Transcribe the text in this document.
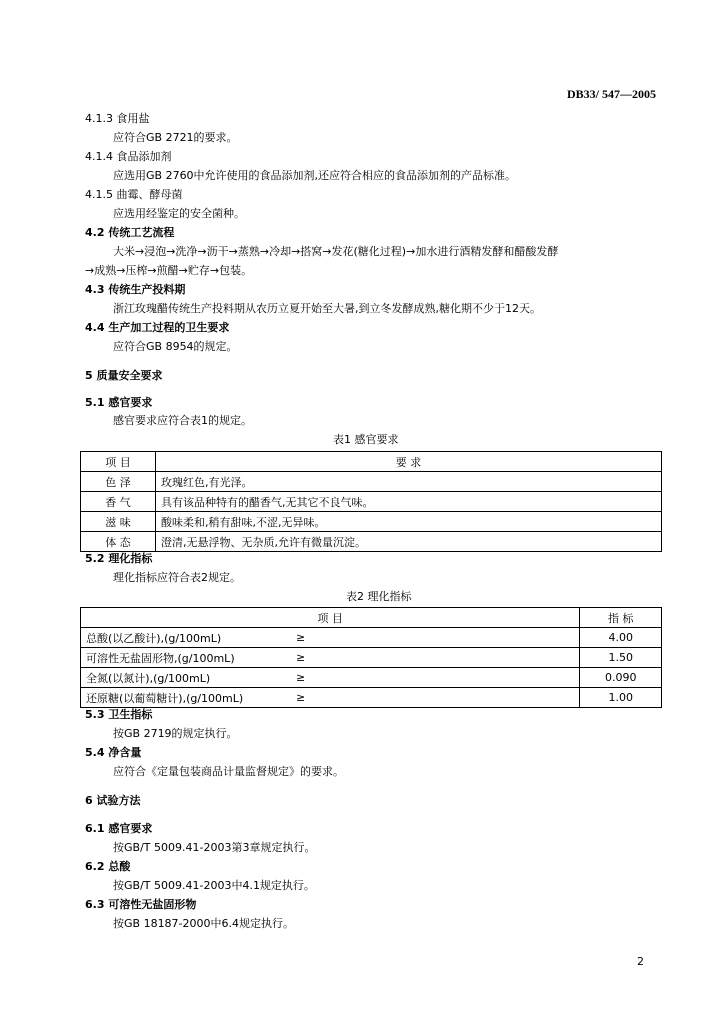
DB33/ 547—2005
4.1.3 食用盐
应符合GB 2721的要求。
4.1.4 食品添加剂
应选用GB 2760中允许使用的食品添加剂,还应符合相应的食品添加剂的产品标准。
4.1.5 曲霉、酵母菌
应选用经鉴定的安全菌种。
4.2 传统工艺流程
大米→浸泡→洗净→沥干→蒸熟→冷却→搭窝→发花(糖化过程)→加水进行酒精发酵和醋酸发酵
→成熟→压榨→煎醋→贮存→包装。
4.3 传统生产投料期
浙江玫瑰醋传统生产投料期从农历立夏开始至大暑,到立冬发酵成熟,糖化期不少于12天。
4.4 生产加工过程的卫生要求
应符合GB 8954的规定。
5 质量安全要求
5.1 感官要求
感官要求应符合表1的规定。
表1 感官要求
项 目	要 求
色 泽	玫瑰红色,有光泽。
香 气	具有该品种特有的醋香气,无其它不良气味。
滋 味	酸味柔和,稍有甜味,不涩,无异味。
体 态	澄清,无悬浮物、无杂质,允许有微量沉淀。
5.2 理化指标
理化指标应符合表2规定。
表2 理化指标
项 目		指 标
总酸(以乙酸计),(g/100mL)	≥	4.00
可溶性无盐固形物,(g/100mL)	≥	1.50
全氮(以氮计),(g/100mL)	≥	0.090
还原糖(以葡萄糖计),(g/100mL)	≥	1.00
5.3 卫生指标
按GB 2719的规定执行。
5.4 净含量
应符合《定量包装商品计量监督规定》的要求。
6 试验方法
6.1 感官要求
按GB/T 5009.41-2003第3章规定执行。
6.2 总酸
按GB/T 5009.41-2003中4.1规定执行。
6.3 可溶性无盐固形物
按GB 18187-2000中6.4规定执行。
2
